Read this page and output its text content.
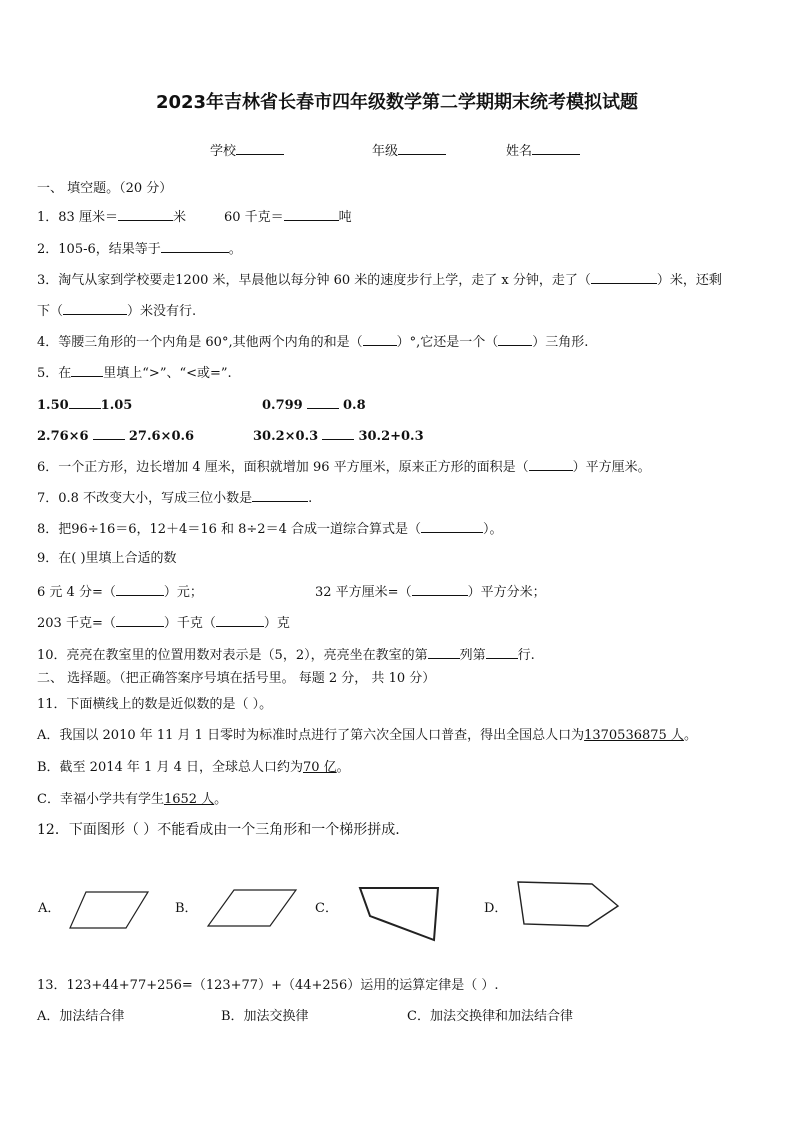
2023年吉林省长春市四年级数学第二学期期末统考模拟试题
学校	年级	姓名
一、 填空题。（20 分）
1．83 厘米＝	米	60 千克＝	吨
2．105-6，结果等于	。
3．淘气从家到学校要走1200 米，早晨他以每分钟 60 米的速度步行上学，走了 x 分钟，走了（	）米，还剩
下（	）米没有行.
4．等腰三角形的一个内角是 60°,其他两个内角的和是（	）°,它还是一个（	）三角形.
5．在 里填上“>”、“<或=”.
1.50 1.05	0.799	0.8
2.76×6	27.6×0.6	30.2×0.3	30.2+0.3
6．一个正方形，边长增加 4 厘米，面积就增加 96 平方厘米，原来正方形的面积是（	）平方厘米。
7．0.8 不改变大小，写成三位小数是	.
8．把96÷16＝6，12＋4＝16 和 8÷2＝4 合成一道综合算式是（	）。
9．在( )里填上合适的数
6 元 4 分=（	）元；	32 平方厘米=（	）平方分米；
203 千克=（	）千克（	）克
10．亮亮在教室里的位置用数对表示是（5，2），亮亮坐在教室的第 列第 行.
二、 选择题。（把正确答案序号填在括号里。 每题 2 分， 共 10 分）
11．下面横线上的数是近似数的是（ ）。
A．我国以 2010 年 11 月 1 日零时为标准时点进行了第六次全国人口普查，得出全国总人口为1370536875 人。
B．截至 2014 年 1 月 4 日，全球总人口约为70 亿。
C．幸福小学共有学生1652 人。
12．下面图形（ ）不能看成由一个三角形和一个梯形拼成.
A．	B．	C．	D．
13．123+44+77+256=（123+77）+（44+256）运用的运算定律是（ ）.
A．加法结合律	B．加法交换律	C．加法交换律和加法结合律
